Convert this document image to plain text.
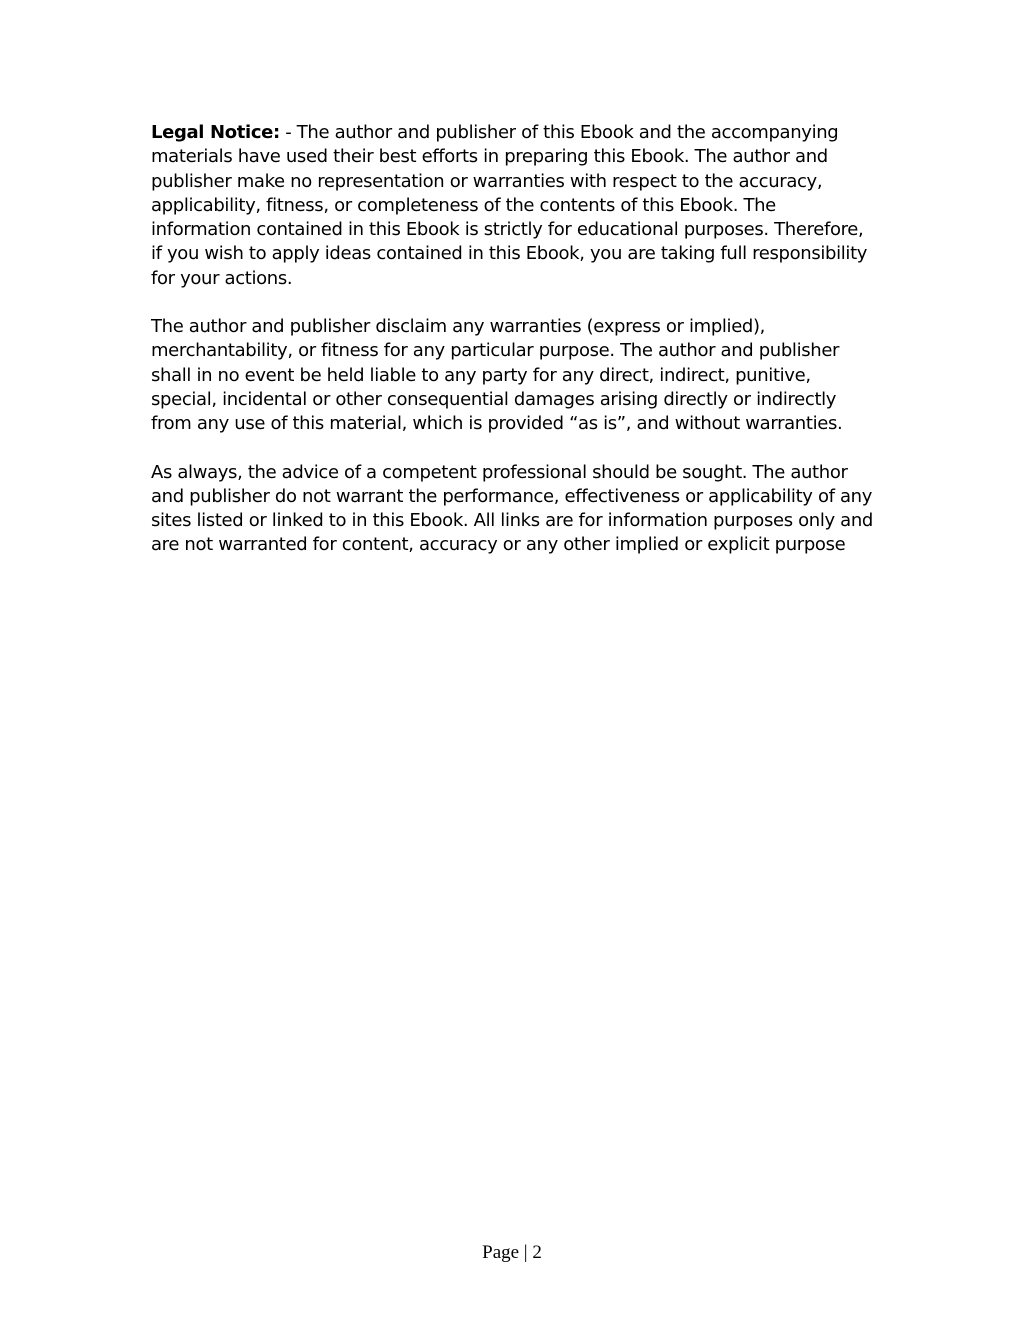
Legal Notice: - The author and publisher of this Ebook and the accompanying materials have used their best efforts in preparing this Ebook. The author and publisher make no representation or warranties with respect to the accuracy, applicability, fitness, or completeness of the contents of this Ebook. The information contained in this Ebook is strictly for educational purposes. Therefore, if you wish to apply ideas contained in this Ebook, you are taking full responsibility for your actions.

The author and publisher disclaim any warranties (express or implied), merchantability, or fitness for any particular purpose. The author and publisher shall in no event be held liable to any party for any direct, indirect, punitive, special, incidental or other consequential damages arising directly or indirectly from any use of this material, which is provided “as is”, and without warranties.

As always, the advice of a competent professional should be sought. The author and publisher do not warrant the performance, effectiveness or applicability of any sites listed or linked to in this Ebook. All links are for information purposes only and are not warranted for content, accuracy or any other implied or explicit purpose

Page | 2
